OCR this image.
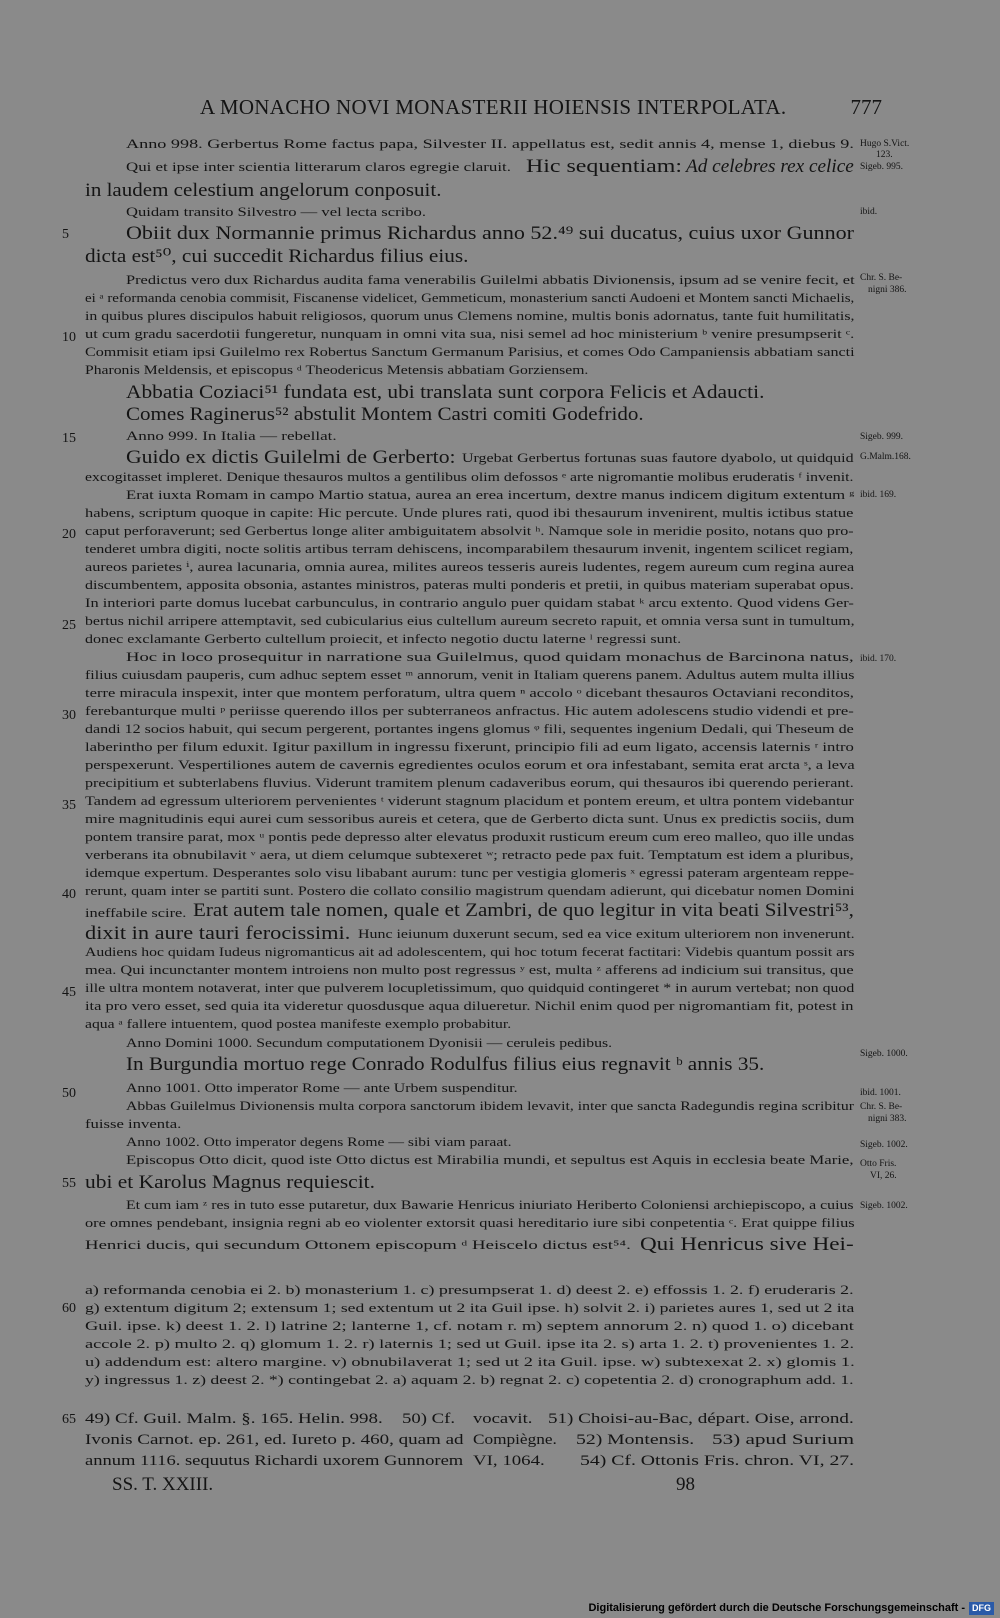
A MONACHO NOVI MONASTERII HOIENSIS INTERPOLATA.	777
Anno 998. Gerbertus Rome factus papa, Silvester II. appellatus est, sedit annis 4, mense 1, diebus 9.
Qui et ipse inter scientia litterarum claros egregie claruit. Hic sequentiam: Ad celebres rex celice
in laudem celestium angelorum conposuit.
Quidam transito Silvestro — vel lecta scribo.
Obiit dux Normannie primus Richardus anno 52.⁴⁹ sui ducatus, cuius uxor Gunnor
dicta est⁵⁰, cui succedit Richardus filius eius.
Predictus vero dux Richardus audita fama venerabilis Guilelmi abbatis Divionensis, ipsum ad se venire fecit, et
ei ᵃ reformanda cenobia commisit, Fiscanense videlicet, Gemmeticum, monasterium sancti Audoeni et Montem sancti Michaelis,
in quibus plures discipulos habuit religiosos, quorum unus Clemens nomine, multis bonis adornatus, tante fuit humilitatis,
ut cum gradu sacerdotii fungeretur, nunquam in omni vita sua, nisi semel ad hoc ministerium ᵇ venire presumpserit ᶜ.
Commisit etiam ipsi Guilelmo rex Robertus Sanctum Germanum Parisius, et comes Odo Campaniensis abbatiam sancti
Pharonis Meldensis, et episcopus ᵈ Theodericus Metensis abbatiam Gorziensem.
Abbatia Coziaci⁵¹ fundata est, ubi translata sunt corpora Felicis et Adaucti.
Comes Raginerus⁵² abstulit Montem Castri comiti Godefrido.
Anno 999. In Italia — rebellat.
Guido ex dictis Guilelmi de Gerberto: Urgebat Gerbertus fortunas suas fautore dyabolo, ut quidquid
excogitasset impleret. Denique thesauros multos a gentilibus olim defossos ᵉ arte nigromantie molibus eruderatis ᶠ invenit.
Erat iuxta Romam in campo Martio statua, aurea an erea incertum, dextre manus indicem digitum extentum ᵍ
habens, scriptum quoque in capite: Hic percute. Unde plures rati, quod ibi thesaurum invenirent, multis ictibus statue
caput perforaverunt; sed Gerbertus longe aliter ambiguitatem absolvit ʰ. Namque sole in meridie posito, notans quo pro-
tenderet umbra digiti, nocte solitis artibus terram dehiscens, incomparabilem thesaurum invenit, ingentem scilicet regiam,
aureos parietes ⁱ, aurea lacunaria, omnia aurea, milites aureos tesseris aureis ludentes, regem aureum cum regina aurea
discumbentem, apposita obsonia, astantes ministros, pateras multi ponderis et pretii, in quibus materiam superabat opus.
In interiori parte domus lucebat carbunculus, in contrario angulo puer quidam stabat ᵏ arcu extento. Quod videns Ger-
bertus nichil arripere attemptavit, sed cubicularius eius cultellum aureum secreto rapuit, et omnia versa sunt in tumultum,
donec exclamante Gerberto cultellum proiecit, et infecto negotio ductu laterne ˡ regressi sunt.
Hoc in loco prosequitur in narratione sua Guilelmus, quod quidam monachus de Barcinona natus,
filius cuiusdam pauperis, cum adhuc septem esset ᵐ annorum, venit in Italiam querens panem. Adultus autem multa illius
terre miracula inspexit, inter que montem perforatum, ultra quem ⁿ accolo ᵒ dicebant thesauros Octaviani reconditos,
ferebanturque multi ᵖ periisse querendo illos per subterraneos anfractus. Hic autem adolescens studio videndi et pre-
dandi 12 socios habuit, qui secum pergerent, portantes ingens glomus ᵠ fili, sequentes ingenium Dedali, qui Theseum de
laberintho per filum eduxit. Igitur paxillum in ingressu fixerunt, principio fili ad eum ligato, accensis laternis ʳ intro
perspexerunt. Vespertiliones autem de cavernis egredientes oculos eorum et ora infestabant, semita erat arcta ˢ, a leva
precipitium et subterlabens fluvius. Viderunt tramitem plenum cadaveribus eorum, qui thesauros ibi querendo perierant.
Tandem ad egressum ulteriorem pervenientes ᵗ viderunt stagnum placidum et pontem ereum, et ultra pontem videbantur
mire magnitudinis equi aurei cum sessoribus aureis et cetera, que de Gerberto dicta sunt. Unus ex predictis sociis, dum
pontem transire parat, mox ᵘ pontis pede depresso alter elevatus produxit rusticum ereum cum ereo malleo, quo ille undas
verberans ita obnubilavit ᵛ aera, ut diem celumque subtexeret ʷ; retracto pede pax fuit. Temptatum est idem a pluribus,
idemque expertum. Desperantes solo visu libabant aurum: tunc per vestigia glomeris ˣ egressi pateram argenteam reppe-
rerunt, quam inter se partiti sunt. Postero die collato consilio magistrum quendam adierunt, qui dicebatur nomen Domini
ineffabile scire. Erat autem tale nomen, quale et Zambri, de quo legitur in vita beati Silvestri⁵³,
dixit in aure tauri ferocissimi. Hunc ieiunum duxerunt secum, sed ea vice exitum ulteriorem non invenerunt.
Audiens hoc quidam Iudeus nigromanticus ait ad adolescentem, qui hoc totum fecerat factitari: Videbis quantum possit ars
mea. Qui incunctanter montem introiens non multo post regressus ʸ est, multa ᶻ afferens ad indicium sui transitus, que
ille ultra montem notaverat, inter que pulverem locupletissimum, quo quidquid contingeret * in aurum vertebat; non quod
ita pro vero esset, sed quia ita videretur quosdusque aqua dilueretur. Nichil enim quod per nigromantiam fit, potest in
aqua ᵃ fallere intuentem, quod postea manifeste exemplo probabitur.
Anno Domini 1000. Secundum computationem Dyonisii — ceruleis pedibus.
In Burgundia mortuo rege Conrado Rodulfus filius eius regnavit ᵇ annis 35.
Anno 1001. Otto imperator Rome — ante Urbem suspenditur.
Abbas Guilelmus Divionensis multa corpora sanctorum ibidem levavit, inter que sancta Radegundis regina scribitur
fuisse inventa.
Anno 1002. Otto imperator degens Rome — sibi viam paraat.
Episcopus Otto dicit, quod iste Otto dictus est Mirabilia mundi, et sepultus est Aquis in ecclesia beate Marie,
ubi et Karolus Magnus requiescit.
Et cum iam ᶻ res in tuto esse putaretur, dux Bawarie Henricus iniuriato Heriberto Coloniensi archiepiscopo, a cuius
ore omnes pendebant, insignia regni ab eo violenter extorsit quasi hereditario iure sibi conpetentia ᶜ. Erat quippe filius
Henrici ducis, qui secundum Ottonem episcopum ᵈ Heiscelo dictus est⁵⁴. Qui Henricus sive Hei-
5
10
15
20
25
30
35
40
45
50
55
60
65
Hugo S.Vict.
123.
Sigeb. 995.
ibid.
Chr. S. Be-
nigni 386.
Sigeb. 999.
G.Malm.168.
ibid. 169.
ibid. 170.
Sigeb. 1000.
ibid. 1001.
Chr. S. Be-
nigni 383.
Sigeb. 1002.
Otto Fris.
VI, 26.
Sigeb. 1002.
a) reformanda cenobia ei 2. b) monasterium 1. c) presumpserat 1. d) deest 2. e) effossis 1. 2. f) eruderaris 2.
g) extentum digitum 2; extensum 1; sed extentum ut 2 ita Guil ipse. h) solvit 2. i) parietes aures 1, sed ut 2 ita
Guil. ipse. k) deest 1. 2. l) latrine 2; lanterne 1, cf. notam r. m) septem annorum 2. n) quod 1. o) dicebant
accole 2. p) multo 2. q) glomum 1. 2. r) laternis 1; sed ut Guil. ipse ita 2. s) arta 1. 2. t) provenientes 1. 2.
u) addendum est: altero margine. v) obnubilaverat 1; sed ut 2 ita Guil. ipse. w) subtexexat 2. x) glomis 1.
y) ingressus 1. z) deest 2. *) contingebat 2. a) aquam 2. b) regnat 2. c) copetentia 2. d) cronographum add. 1.
49) Cf. Guil. Malm. §. 165. Helin. 998. 50) Cf. vocavit. 51) Choisi-au-Bac, départ. Oise, arrond.
Ivonis Carnot. ep. 261, ed. Iureto p. 460, quam ad Compiègne. 52) Montensis. 53) apud Surium
annum 1116. sequutus Richardi uxorem Gunnorem VI, 1064. 54) Cf. Ottonis Fris. chron. VI, 27.
SS. T. XXIII.	98
Digitalisierung gefördert durch die Deutsche Forschungsgemeinschaft - DFG
